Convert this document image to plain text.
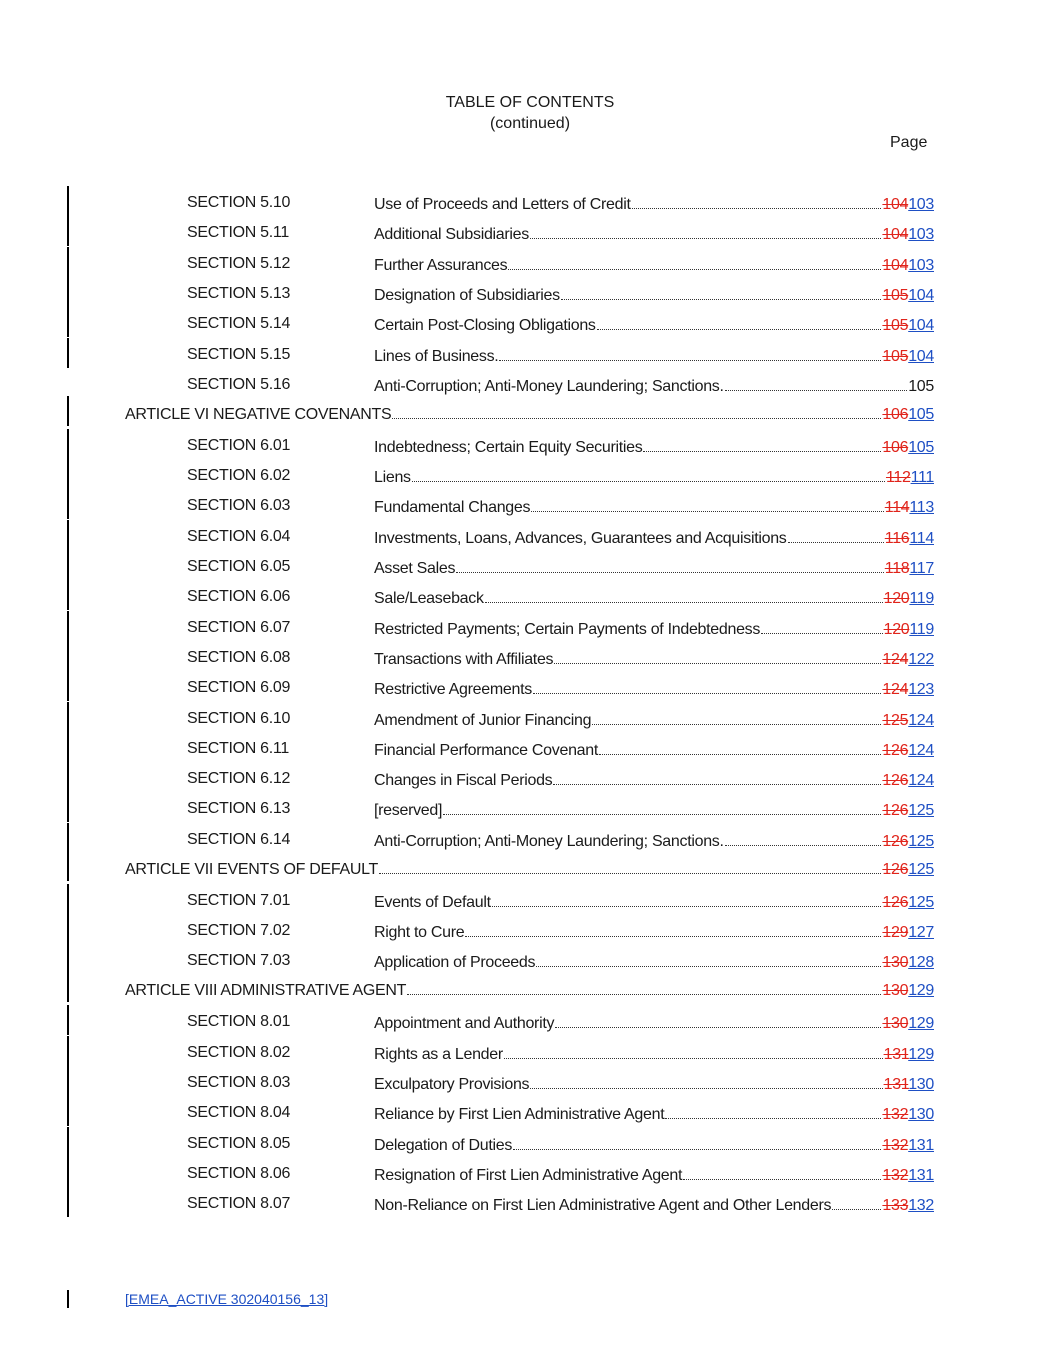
TABLE OF CONTENTS
(continued)
Page
SECTION 5.10	Use of Proceeds and Letters of Credit	104103
SECTION 5.11	Additional Subsidiaries	104103
SECTION 5.12	Further Assurances	104103
SECTION 5.13	Designation of Subsidiaries	105104
SECTION 5.14	Certain Post-Closing Obligations	105104
SECTION 5.15	Lines of Business.	105104
SECTION 5.16	Anti-Corruption; Anti-Money Laundering; Sanctions.	105
ARTICLE VI NEGATIVE COVENANTS	106105
SECTION 6.01	Indebtedness; Certain Equity Securities	106105
SECTION 6.02	Liens	112111
SECTION 6.03	Fundamental Changes	114113
SECTION 6.04	Investments, Loans, Advances, Guarantees and Acquisitions	116114
SECTION 6.05	Asset Sales	118117
SECTION 6.06	Sale/Leaseback	120119
SECTION 6.07	Restricted Payments; Certain Payments of Indebtedness	120119
SECTION 6.08	Transactions with Affiliates	124122
SECTION 6.09	Restrictive Agreements	124123
SECTION 6.10	Amendment of Junior Financing	125124
SECTION 6.11	Financial Performance Covenant	126124
SECTION 6.12	Changes in Fiscal Periods	126124
SECTION 6.13	[reserved]	126125
SECTION 6.14	Anti-Corruption; Anti-Money Laundering; Sanctions.	126125
ARTICLE VII EVENTS OF DEFAULT	126125
SECTION 7.01	Events of Default	126125
SECTION 7.02	Right to Cure	129127
SECTION 7.03	Application of Proceeds	130128
ARTICLE VIII ADMINISTRATIVE AGENT	130129
SECTION 8.01	Appointment and Authority	130129
SECTION 8.02	Rights as a Lender	131129
SECTION 8.03	Exculpatory Provisions	131130
SECTION 8.04	Reliance by First Lien Administrative Agent	132130
SECTION 8.05	Delegation of Duties	132131
SECTION 8.06	Resignation of First Lien Administrative Agent	132131
SECTION 8.07	Non-Reliance on First Lien Administrative Agent and Other Lenders	133132
[EMEA_ACTIVE 302040156_13]
